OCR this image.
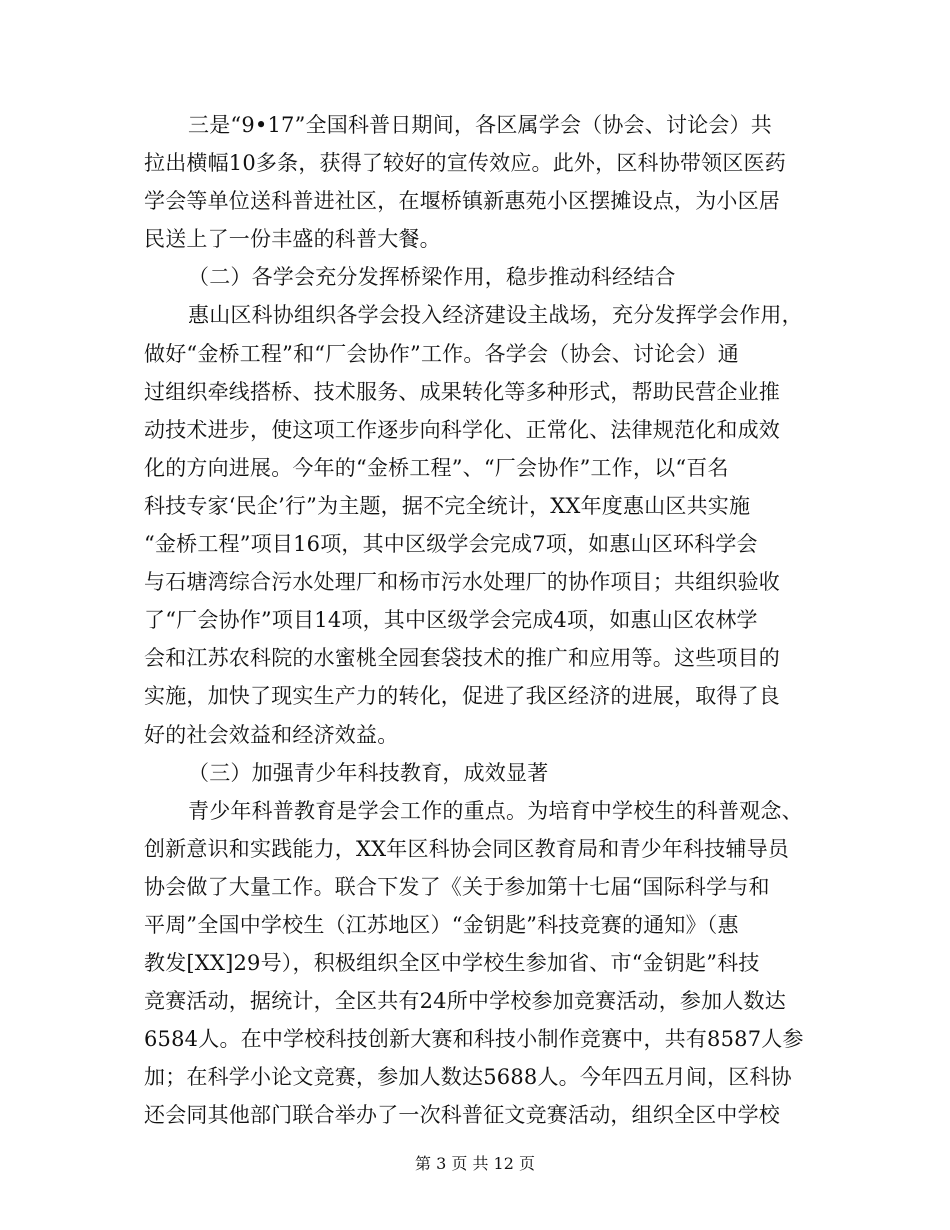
三是“9•17”全国科普日期间，各区属学会（协会、讨论会）共
拉出横幅10多条，获得了较好的宣传效应。此外，区科协带领区医药
学会等单位送科普进社区，在堰桥镇新惠苑小区摆摊设点，为小区居
民送上了一份丰盛的科普大餐。
（二）各学会充分发挥桥梁作用，稳步推动科经结合
惠山区科协组织各学会投入经济建设主战场，充分发挥学会作用，
做好“金桥工程”和“厂会协作”工作。各学会（协会、讨论会）通
过组织牵线搭桥、技术服务、成果转化等多种形式，帮助民营企业推
动技术进步，使这项工作逐步向科学化、正常化、法律规范化和成效
化的方向进展。今年的“金桥工程”、“厂会协作”工作，以“百名
科技专家‘民企’行”为主题，据不完全统计，XX年度惠山区共实施
“金桥工程”项目16项，其中区级学会完成7项，如惠山区环科学会
与石塘湾综合污水处理厂和杨市污水处理厂的协作项目；共组织验收
了“厂会协作”项目14项，其中区级学会完成4项，如惠山区农林学
会和江苏农科院的水蜜桃全园套袋技术的推广和应用等。这些项目的
实施，加快了现实生产力的转化，促进了我区经济的进展，取得了良
好的社会效益和经济效益。
（三）加强青少年科技教育，成效显著
青少年科普教育是学会工作的重点。为培育中学校生的科普观念、
创新意识和实践能力，XX年区科协会同区教育局和青少年科技辅导员
协会做了大量工作。联合下发了《关于参加第十七届“国际科学与和
平周”全国中学校生（江苏地区）“金钥匙”科技竞赛的通知》（惠
教发[XX]29号），积极组织全区中学校生参加省、市“金钥匙”科技
竞赛活动，据统计，全区共有24所中学校参加竞赛活动，参加人数达
6584人。在中学校科技创新大赛和科技小制作竞赛中，共有8587人参
加；在科学小论文竞赛，参加人数达5688人。今年四五月间，区科协
还会同其他部门联合举办了一次科普征文竞赛活动，组织全区中学校
第 3 页 共 12 页
